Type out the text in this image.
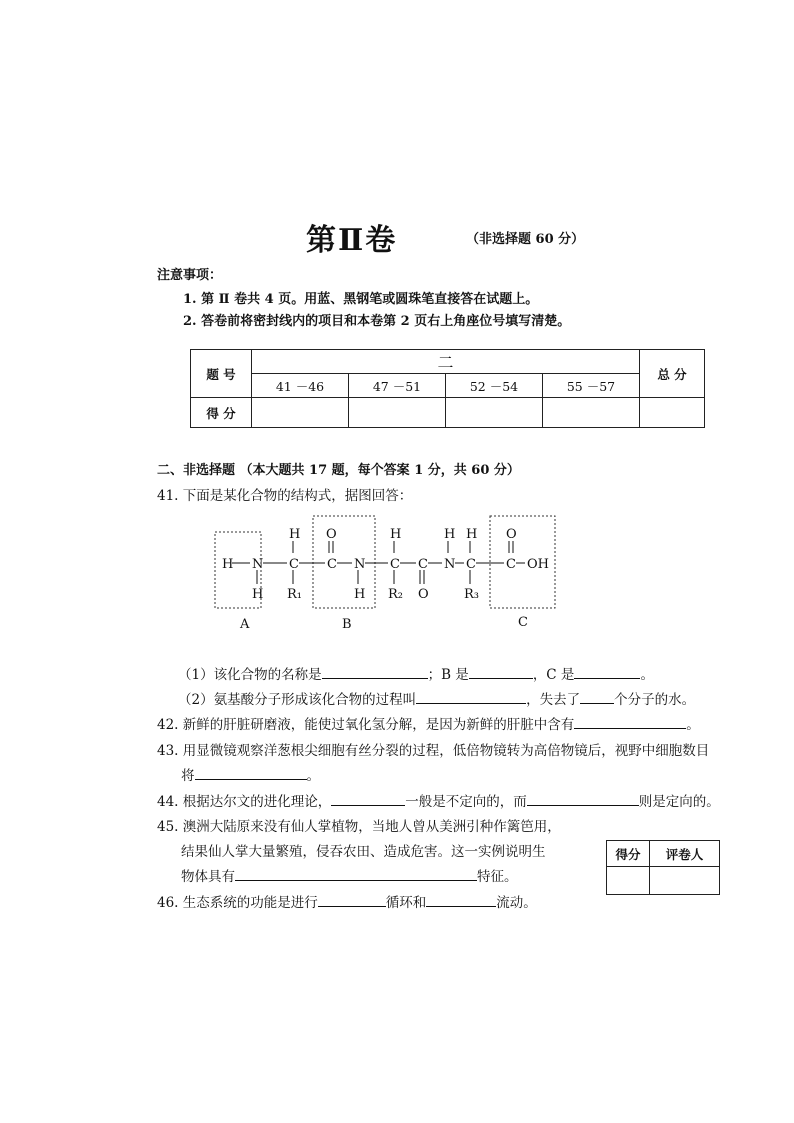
第Ⅱ卷	（非选择题 60 分）
注意事项：
1. 第 Ⅱ 卷共 4 页。用蓝、黑钢笔或圆珠笔直接答在试题上。
2. 答卷前将密封线内的项目和本卷第 2 页右上角座位号填写清楚。
题 号	二				总 分
	41 －46	47 －51	52 －54	55 －57	
得 分					
二、非选择题 （本大题共 17 题，每个答案 1 分，共 60 分）
41. 下面是某化合物的结构式，据图回答：
H N C C N C C N C C OH
H O	H	H H O
H R₁	H R₂ O	R₃
A	B	C
（1）该化合物的名称是	；B 是	，C 是	。
（2）氨基酸分子形成该化合物的过程叫	，失去了	个分子的水。
42. 新鲜的肝脏研磨液，能使过氧化氢分解，是因为新鲜的肝脏中含有	。
43. 用显微镜观察洋葱根尖细胞有丝分裂的过程，低倍物镜转为高倍物镜后，视野中细胞数目
将	。
44. 根据达尔文的进化理论，	一般是不定向的，而	则是定向的。
45. 澳洲大陆原来没有仙人掌植物，当地人曾从美洲引种作篱笆用，
结果仙人掌大量繁殖，侵吞农田、造成危害。这一实例说明生
物体具有	特征。
得分	评卷人

46. 生态系统的功能是进行	循环和	流动。
